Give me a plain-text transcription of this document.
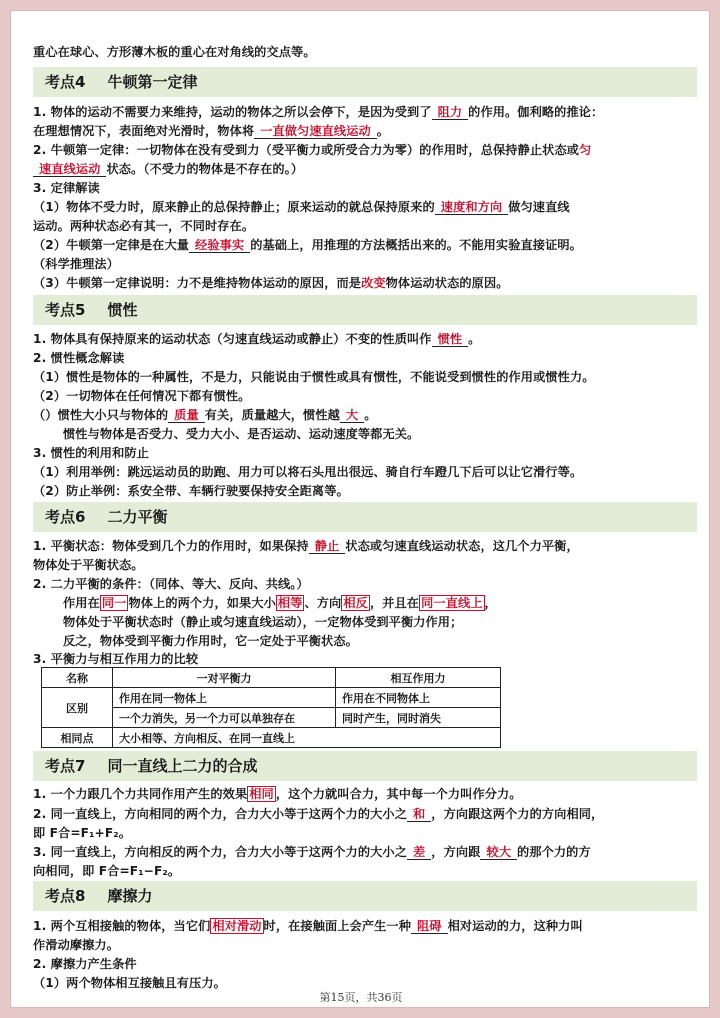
重心在球心、方形薄木板的重心在对角线的交点等。

考点4 牛顿第一定律

1. 物体的运动不需要力来维持，运动的物体之所以会停下，是因为受到了 阻力 的作用。伽利略的推论：

在理想情况下，表面绝对光滑时，物体将 一直做匀速直线运动 。

2. 牛顿第一定律：一切物体在没有受到力（受平衡力或所受合力为零）的作用时，总保持静止状态或匀

速直线运动 状态。（不受力的物体是不存在的。）

3. 定律解读

（1）物体不受力时，原来静止的总保持静止；原来运动的就总保持原来的 速度和方向 做匀速直线

运动。两种状态必有其一，不同时存在。

（2）牛顿第一定律是在大量 经验事实 的基础上，用推理的方法概括出来的。不能用实验直接证明。

（科学推理法）

（3）牛顿第一定律说明：力不是维持物体运动的原因，而是改变物体运动状态的原因。

考点5 惯性

1. 物体具有保持原来的运动状态（匀速直线运动或静止）不变的性质叫作 惯性 。

2. 惯性概念解读

（1）惯性是物体的一种属性，不是力，只能说由于惯性或具有惯性，不能说受到惯性的作用或惯性力。

（2）一切物体在任何情况下都有惯性。

（）惯性大小只与物体的 质量 有关，质量越大，惯性越 大 。

惯性与物体是否受力、受力大小、是否运动、运动速度等都无关。

3. 惯性的利用和防止

（1）利用举例：跳远运动员的助跑、用力可以将石头甩出很远、骑自行车蹬几下后可以让它滑行等。

（2）防止举例：系安全带、车辆行驶要保持安全距离等。

考点6 二力平衡

1. 平衡状态：物体受到几个力的作用时，如果保持 静止 状态或匀速直线运动状态，这几个力平衡，

物体处于平衡状态。

2. 二力平衡的条件：（同体、等大、反向、共线。）

作用在 同一 物体上的两个力，如果大小 相等 、方向 相反 ，并且在 同一直线上 ，

物体处于平衡状态时（静止或匀速直线运动），一定物体受到平衡力作用；

反之，物体受到平衡力作用时，它一定处于平衡状态。

3. 平衡力与相互作用力的比较

名称	一对平衡力	相互作用力
区别	作用在同一物体上	作用在不同物体上
	一个力消失，另一个力可以单独存在	同时产生，同时消失
相同点	大小相等、方向相反、在同一直线上	
考点7 同一直线上二力的合成

1. 一个力跟几个力共同作用产生的效果 相同 ，这个力就叫合力，其中每一个力叫作分力。

2. 同一直线上，方向相同的两个力，合力大小等于这两个力的大小之 和 ，方向跟这两个力的方向相同，

即 F合=F₁+F₂。

3. 同一直线上，方向相反的两个力，合力大小等于这两个力的大小之 差 ，方向跟 较大 的那个力的方

向相同，即 F合=F₁−F₂。

考点8 摩擦力

1. 两个互相接触的物体，当它们 相对滑动 时，在接触面上会产生一种 阻碍 相对运动的力，这种力叫

作滑动摩擦力。

2. 摩擦力产生条件

（1）两个物体相互接触且有压力。

第15页，共36页
